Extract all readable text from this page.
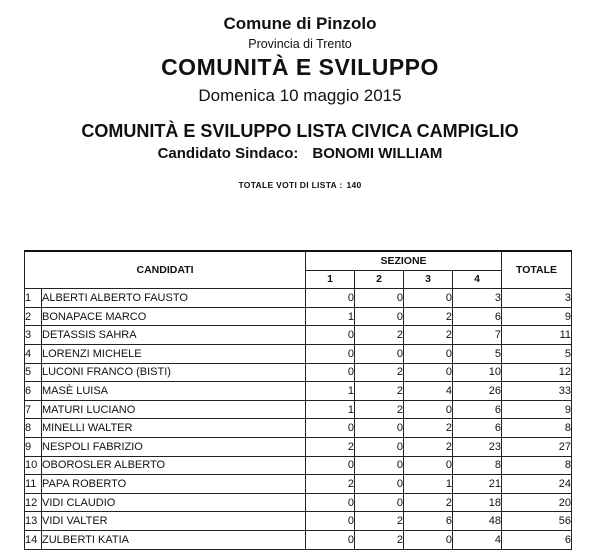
Comune di Pinzolo
Provincia di Trento
COMUNITÀ E SVILUPPO
Domenica 10 maggio 2015
COMUNITÀ E SVILUPPO LISTA CIVICA CAMPIGLIO
Candidato Sindaco: BONOMI WILLIAM
TOTALE VOTI DI LISTA : 140
CANDIDATI		SEZIONE				TOTALE
		1	2	3	4	
1	ALBERTI ALBERTO FAUSTO	0	0	0	3	3
2	BONAPACE MARCO	1	0	2	6	9
3	DETASSIS SAHRA	0	2	2	7	11
4	LORENZI MICHELE	0	0	0	5	5
5	LUCONI FRANCO (BISTI)	0	2	0	10	12
6	MASÈ LUISA	1	2	4	26	33
7	MATURI LUCIANO	1	2	0	6	9
8	MINELLI WALTER	0	0	2	6	8
9	NESPOLI FABRIZIO	2	0	2	23	27
10	OBOROSLER ALBERTO	0	0	0	8	8
11	PAPA ROBERTO	2	0	1	21	24
12	VIDI CLAUDIO	0	0	2	18	20
13	VIDI VALTER	0	2	6	48	56
14	ZULBERTI KATIA	0	2	0	4	6
